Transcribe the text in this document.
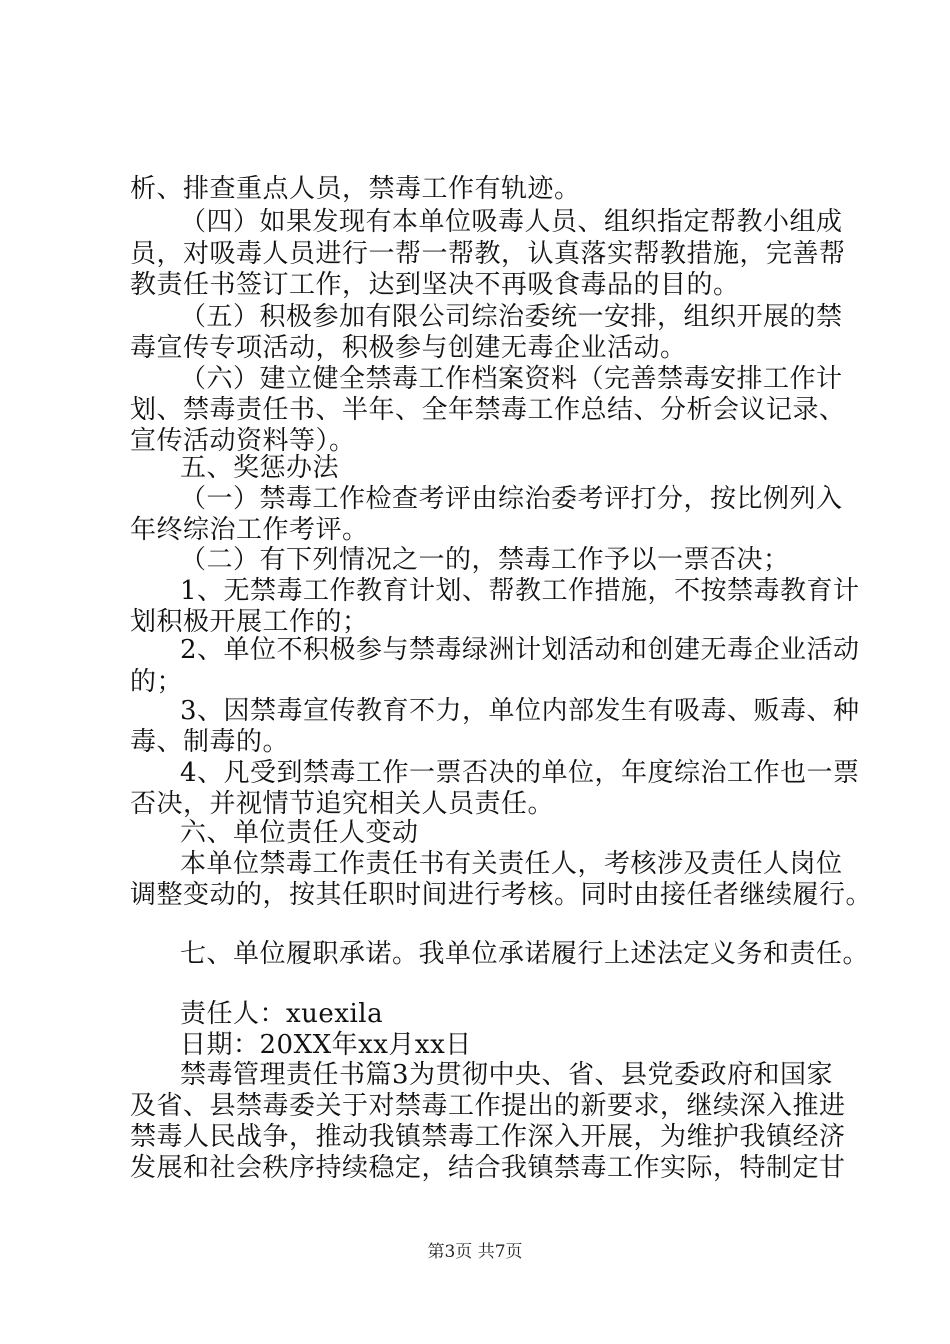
析、排查重点人员，禁毒工作有轨迹。
（四）如果发现有本单位吸毒人员、组织指定帮教小组成
员，对吸毒人员进行一帮一帮教，认真落实帮教措施，完善帮
教责任书签订工作，达到坚决不再吸食毒品的目的。
（五）积极参加有限公司综治委统一安排，组织开展的禁
毒宣传专项活动，积极参与创建无毒企业活动。
（六）建立健全禁毒工作档案资料（完善禁毒安排工作计
划、禁毒责任书、半年、全年禁毒工作总结、分析会议记录、
宣传活动资料等）。
五、奖惩办法
（一）禁毒工作检查考评由综治委考评打分，按比例列入
年终综治工作考评。
（二）有下列情况之一的，禁毒工作予以一票否决；
1、无禁毒工作教育计划、帮教工作措施，不按禁毒教育计
划积极开展工作的；
2、单位不积极参与禁毒绿洲计划活动和创建无毒企业活动
的；
3、因禁毒宣传教育不力，单位内部发生有吸毒、贩毒、种
毒、制毒的。
4、凡受到禁毒工作一票否决的单位，年度综治工作也一票
否决，并视情节追究相关人员责任。
六、单位责任人变动
本单位禁毒工作责任书有关责任人，考核涉及责任人岗位
调整变动的，按其任职时间进行考核。同时由接任者继续履行。
七、单位履职承诺。我单位承诺履行上述法定义务和责任。
责任人：xuexila
日期：20XX年xx月xx日
禁毒管理责任书篇3为贯彻中央、省、县党委政府和国家
及省、县禁毒委关于对禁毒工作提出的新要求，继续深入推进
禁毒人民战争，推动我镇禁毒工作深入开展，为维护我镇经济
发展和社会秩序持续稳定，结合我镇禁毒工作实际，特制定甘
第3页 共7页
